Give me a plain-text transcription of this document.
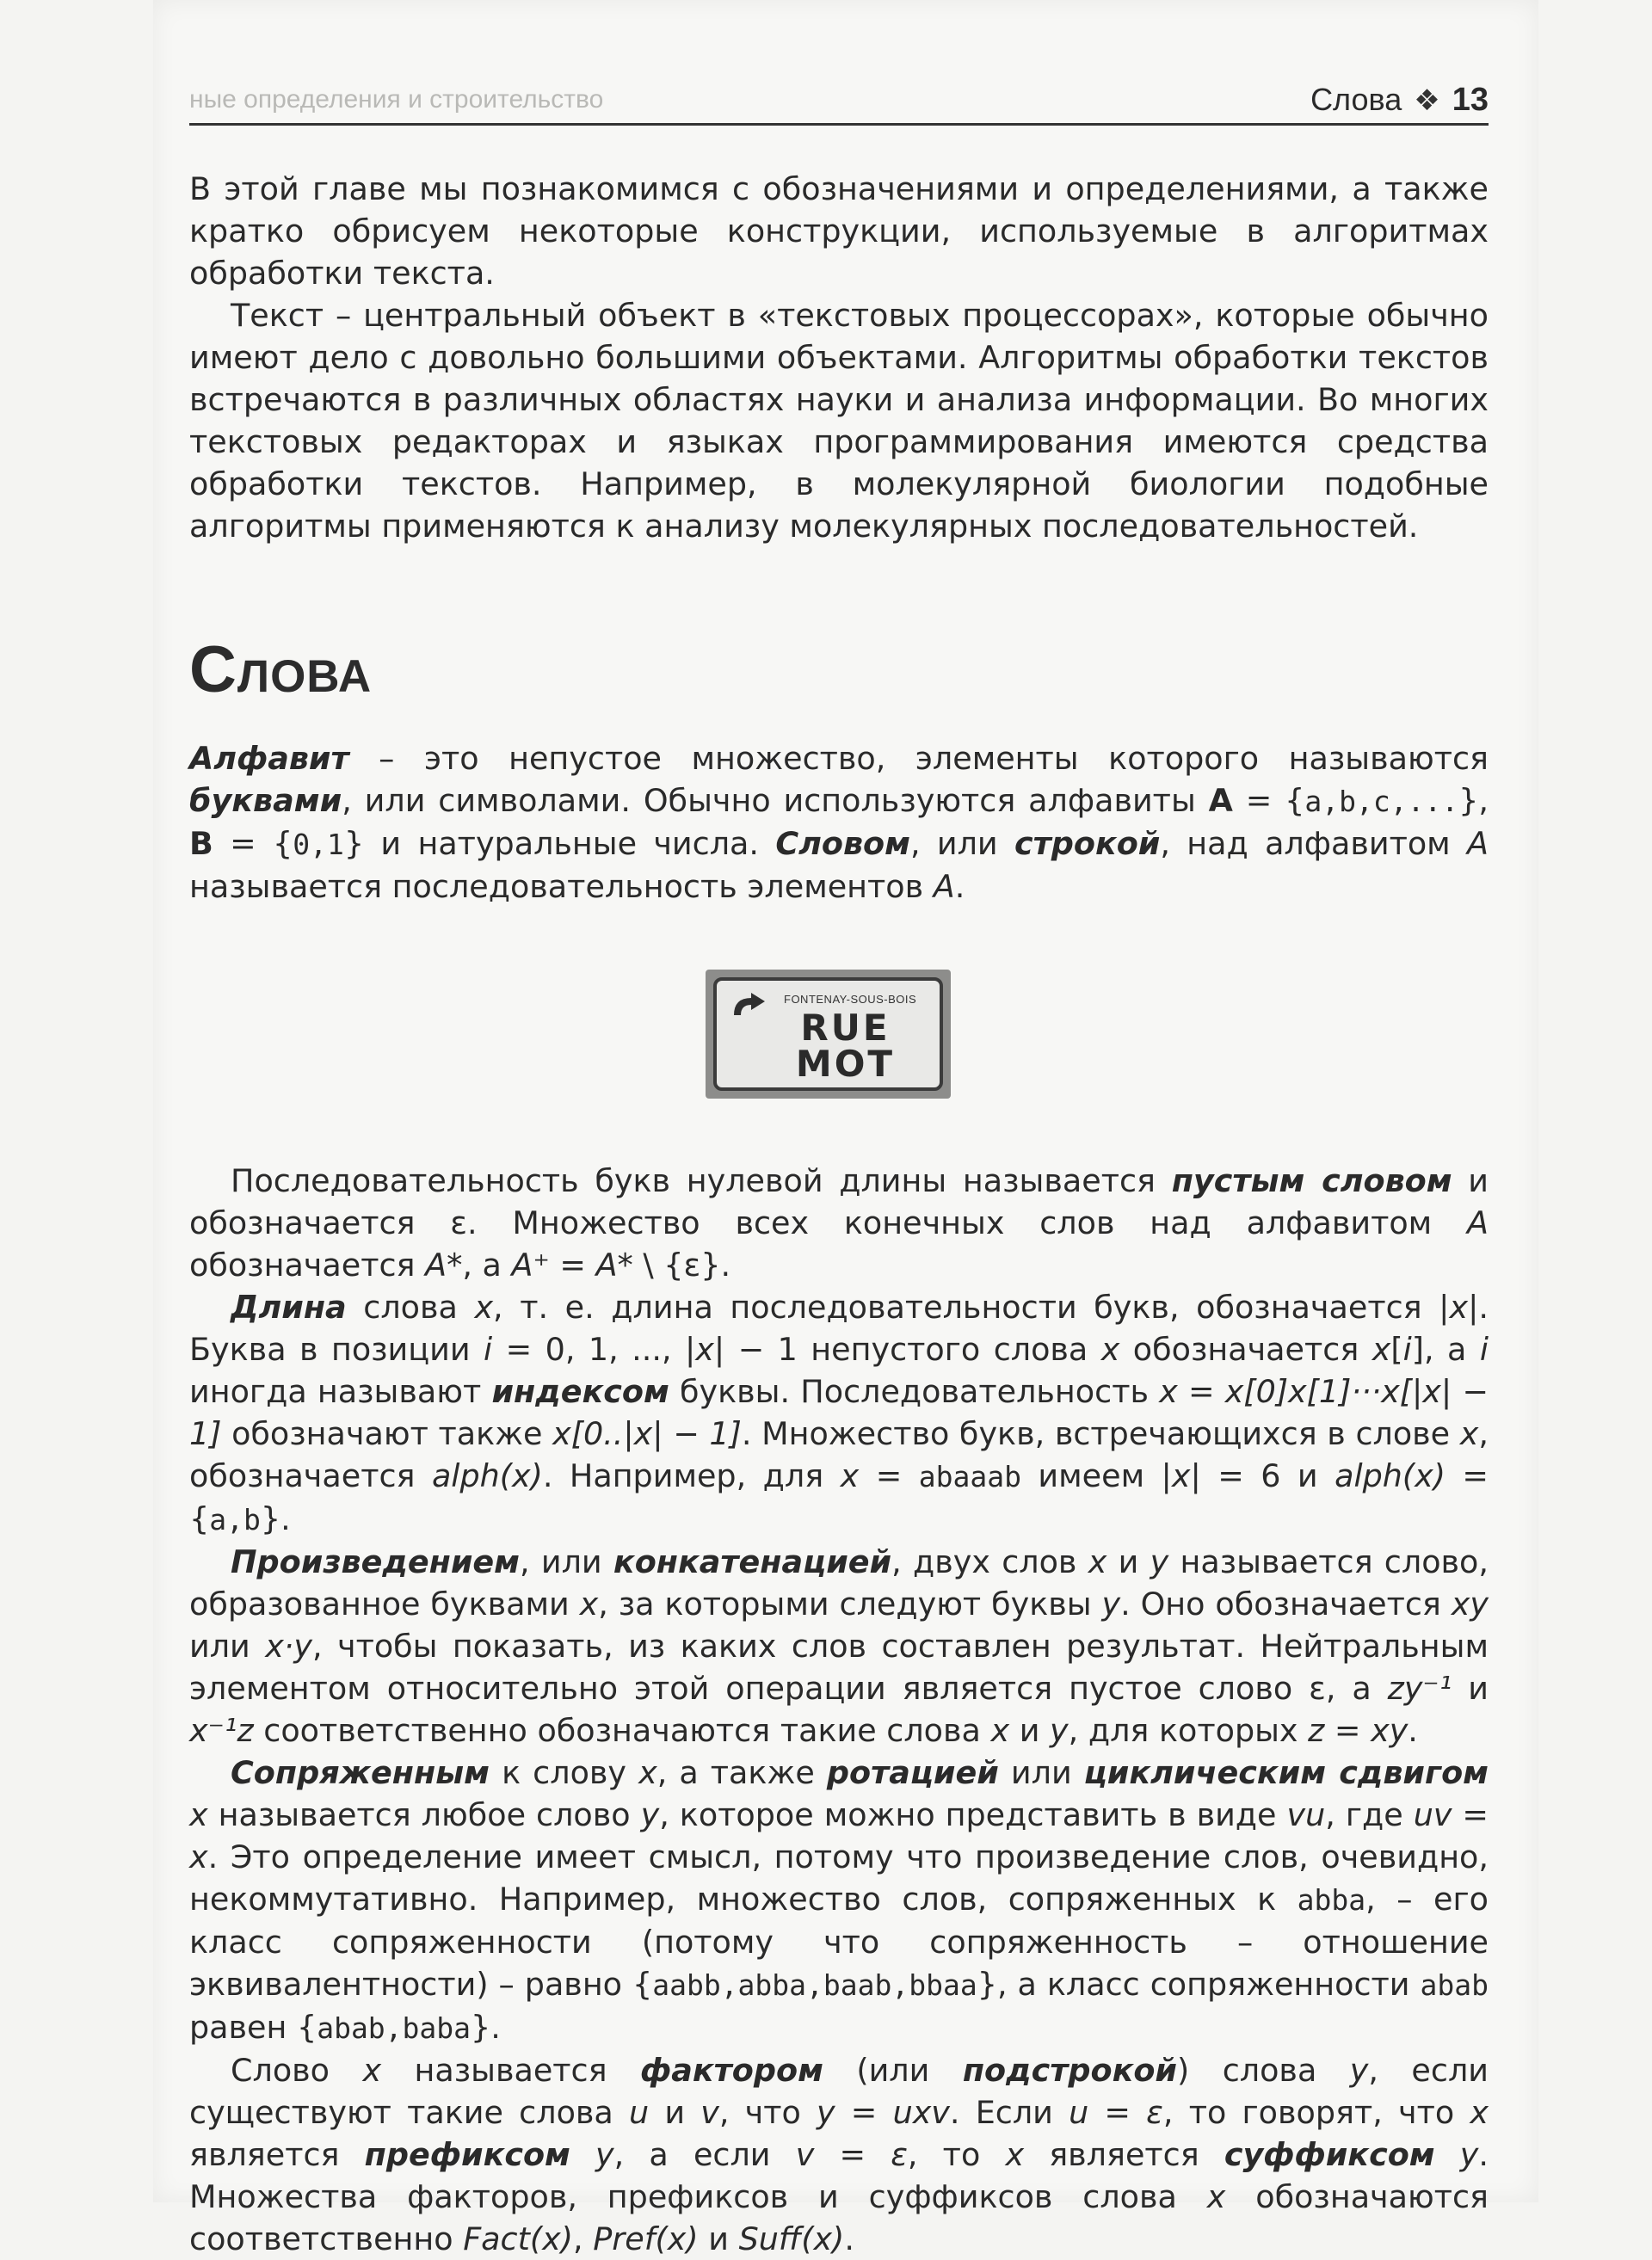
ные определения и строительство	Слова ❖ 13

В этой главе мы познакомимся с обозначениями и определениями, а также кратко обрисуем некоторые конструкции, используемые в алгоритмах обработки текста.

Текст – центральный объект в «текстовых процессорах», которые обычно имеют дело с довольно большими объектами. Алгоритмы обработки текстов встречаются в различных областях науки и анализа информации. Во многих текстовых редакторах и языках программирования имеются средства обработки текстов. Например, в молекулярной биологии подобные алгоритмы применяются к анализу молекулярных последовательностей.

Слова

Алфавит – это непустое множество, элементы которого называются буквами, или символами. Обычно используются алфавиты A = {a,b,c,...}, B = {0,1} и натуральные числа. Словом, или строкой, над алфавитом A называется последовательность элементов A.

FONTENAY-SOUS-BOIS
RUE
MOT

Последовательность букв нулевой длины называется пустым словом и обозначается ε. Множество всех конечных слов над алфавитом A обозначается A*, а A⁺ = A* \ {ε}.

Длина слова x, т. е. длина последовательности букв, обозначается |x|. Буква в позиции i = 0, 1, ..., |x| − 1 непустого слова x обозначается x[i], а i иногда называют индексом буквы. Последовательность x = x[0]x[1]···x[|x| − 1] обозначают также x[0..|x| − 1]. Множество букв, встречающихся в слове x, обозначается alph(x). Например, для x = abaaab имеем |x| = 6 и alph(x) = {a,b}.

Произведением, или конкатенацией, двух слов x и y называется слово, образованное буквами x, за которыми следуют буквы y. Оно обозначается xy или x·y, чтобы показать, из каких слов составлен результат. Нейтральным элементом относительно этой операции является пустое слово ε, а zy⁻¹ и x⁻¹z соответственно обозначаются такие слова x и y, для которых z = xy.

Сопряженным к слову x, а также ротацией или циклическим сдвигом x называется любое слово y, которое можно представить в виде vu, где uv = x. Это определение имеет смысл, потому что произведение слов, очевидно, некоммутативно. Например, множество слов, сопряженных к abba, – его класс сопряженности (потому что сопряженность – отношение эквивалентности) – равно {aabb,abba,baab,bbaa}, а класс сопряженности abab равен {abab,baba}.

Слово x называется фактором (или подстрокой) слова y, если существуют такие слова u и v, что y = uxv. Если u = ε, то говорят, что x является префиксом y, а если v = ε, то x является суффиксом y. Множества факторов, префиксов и суффиксов слова x обозначаются соответственно Fact(x), Pref(x) и Suff(x).
